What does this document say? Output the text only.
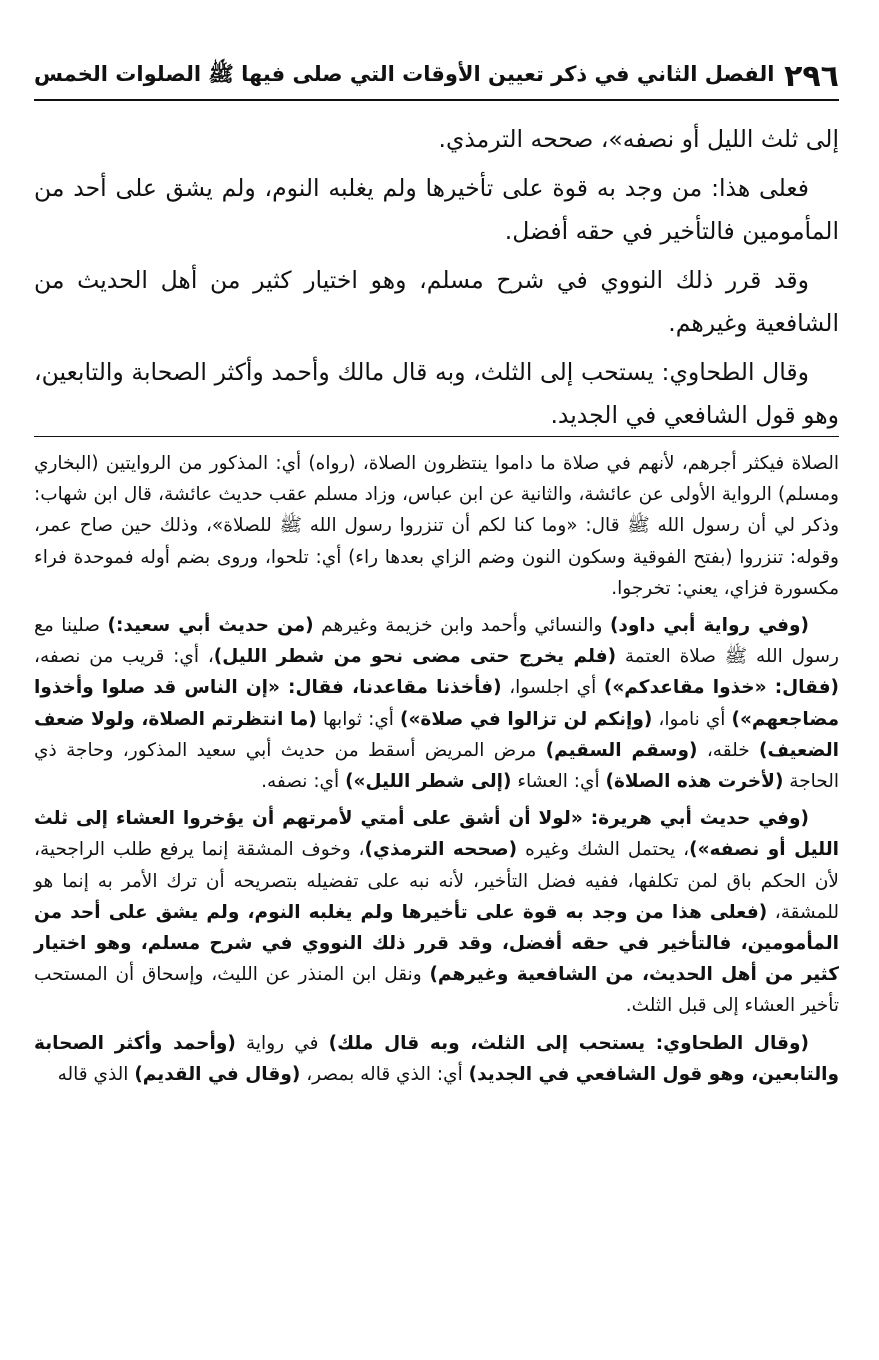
٢٩٦
الفصل الثاني في ذكر تعيين الأوقات التي صلى فيها ﷺ الصلوات الخمس

إلى ثلث الليل أو نصفه»، صححه الترمذي.

فعلى هذا: من وجد به قوة على تأخيرها ولم يغلبه النوم، ولم يشق على أحد من المأمومين فالتأخير في حقه أفضل.

وقد قرر ذلك النووي في شرح مسلم، وهو اختيار كثير من أهل الحديث من الشافعية وغيرهم.

وقال الطحاوي: يستحب إلى الثلث، وبه قال مالك وأحمد وأكثر الصحابة والتابعين، وهو قول الشافعي في الجديد.

الصلاة فيكثر أجرهم، لأنهم في صلاة ما داموا ينتظرون الصلاة، (رواه) أي: المذكور من الروايتين (البخاري ومسلم) الرواية الأولى عن عائشة، والثانية عن ابن عباس، وزاد مسلم عقب حديث عائشة، قال ابن شهاب: وذكر لي أن رسول الله ﷺ قال: «وما كنا لكم أن تنزروا رسول الله ﷺ للصلاة»، وذلك حين صاح عمر، وقوله: تنزروا (بفتح الفوقية وسكون النون وضم الزاي بعدها راء) أي: تلحوا، وروى بضم أوله فموحدة فراء مكسورة فزاي، يعني: تخرجوا.

(وفي رواية أبي داود) والنسائي وأحمد وابن خزيمة وغيرهم (من حديث أبي سعيد:) صلينا مع رسول الله ﷺ صلاة العتمة (فلم يخرج حتى مضى نحو من شطر الليل)، أي: قريب من نصفه، (فقال: «خذوا مقاعدكم») أي اجلسوا، (فأخذنا مقاعدنا، فقال: «إن الناس قد صلوا وأخذوا مضاجعهم») أي ناموا، (وإنكم لن تزالوا في صلاة») أي: ثوابها (ما انتظرتم الصلاة، ولولا ضعف الضعيف) خلقه، (وسقم السقيم) مرض المريض أسقط من حديث أبي سعيد المذكور، وحاجة ذي الحاجة (لأخرت هذه الصلاة) أي: العشاء (إلى شطر الليل») أي: نصفه.

(وفي حديث أبي هريرة: «لولا أن أشق على أمتي لأمرتهم أن يؤخروا العشاء إلى ثلث الليل أو نصفه»)، يحتمل الشك وغيره (صححه الترمذي)، وخوف المشقة إنما يرفع طلب الراجحية، لأن الحكم باق لمن تكلفها، ففيه فضل التأخير، لأنه نبه على تفضيله بتصريحه أن ترك الأمر به إنما هو للمشقة، (فعلى هذا من وجد به قوة على تأخيرها ولم يغلبه النوم، ولم يشق على أحد من المأمومين، فالتأخير في حقه أفضل، وقد قرر ذلك النووي في شرح مسلم، وهو اختيار كثير من أهل الحديث، من الشافعية وغيرهم) ونقل ابن المنذر عن الليث، وإسحاق أن المستحب تأخير العشاء إلى قبل الثلث.

(وقال الطحاوي: يستحب إلى الثلث، وبه قال ملك) في رواية (وأحمد وأكثر الصحابة والتابعين، وهو قول الشافعي في الجديد) أي: الذي قاله بمصر، (وقال في القديم) الذي قاله
